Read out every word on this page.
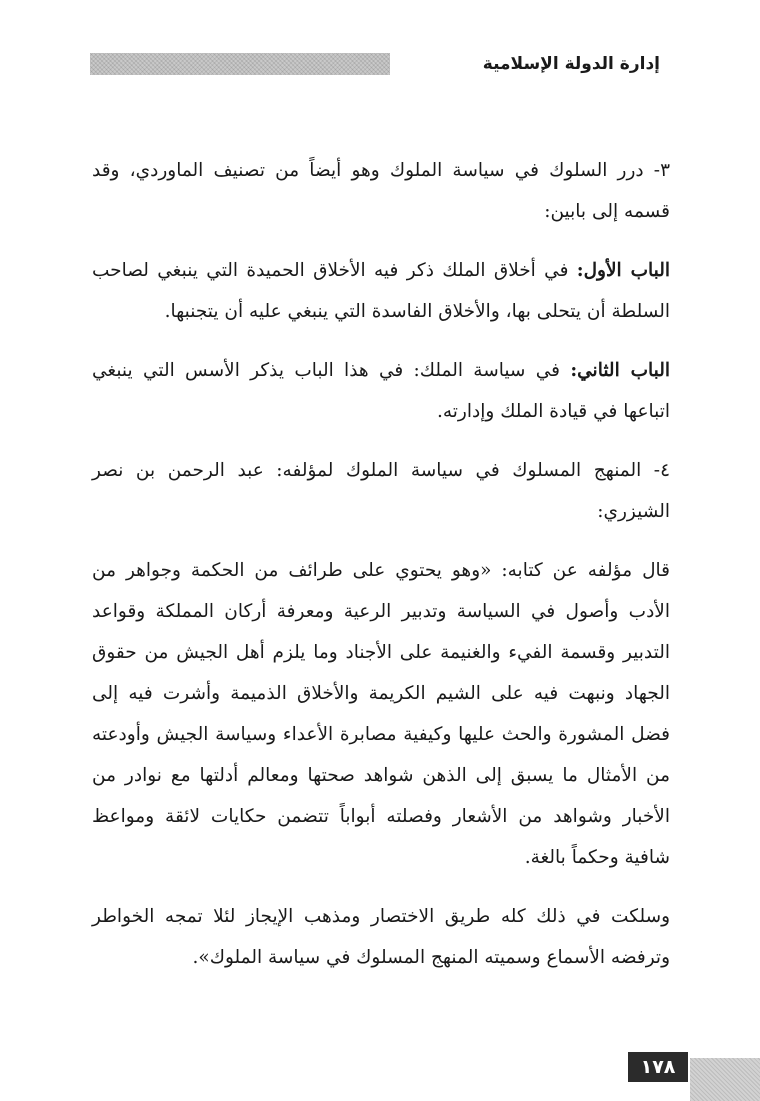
إدارة الدولة الإسلامية

٣- درر السلوك في سياسة الملوك وهو أيضاً من تصنيف الماوردي، وقد قسمه إلى بابين:

الباب الأول: في أخلاق الملك ذكر فيه الأخلاق الحميدة التي ينبغي لصاحب السلطة أن يتحلى بها، والأخلاق الفاسدة التي ينبغي عليه أن يتجنبها.

الباب الثاني: في سياسة الملك: في هذا الباب يذكر الأسس التي ينبغي اتباعها في قيادة الملك وإدارته.

٤- المنهج المسلوك في سياسة الملوك لمؤلفه: عبد الرحمن بن نصر الشيزري:

قال مؤلفه عن كتابه: «وهو يحتوي على طرائف من الحكمة وجواهر من الأدب وأصول في السياسة وتدبير الرعية ومعرفة أركان المملكة وقواعد التدبير وقسمة الفيء والغنيمة على الأجناد وما يلزم أهل الجيش من حقوق الجهاد ونبهت فيه على الشيم الكريمة والأخلاق الذميمة وأشرت فيه إلى فضل المشورة والحث عليها وكيفية مصابرة الأعداء وسياسة الجيش وأودعته من الأمثال ما يسبق إلى الذهن شواهد صحتها ومعالم أدلتها مع نوادر من الأخبار وشواهد من الأشعار وفصلته أبواباً تتضمن حكايات لائقة ومواعظ شافية وحكماً بالغة.

وسلكت في ذلك كله طريق الاختصار ومذهب الإيجاز لئلا تمجه الخواطر وترفضه الأسماع وسميته المنهج المسلوك في سياسة الملوك».

١٧٨
